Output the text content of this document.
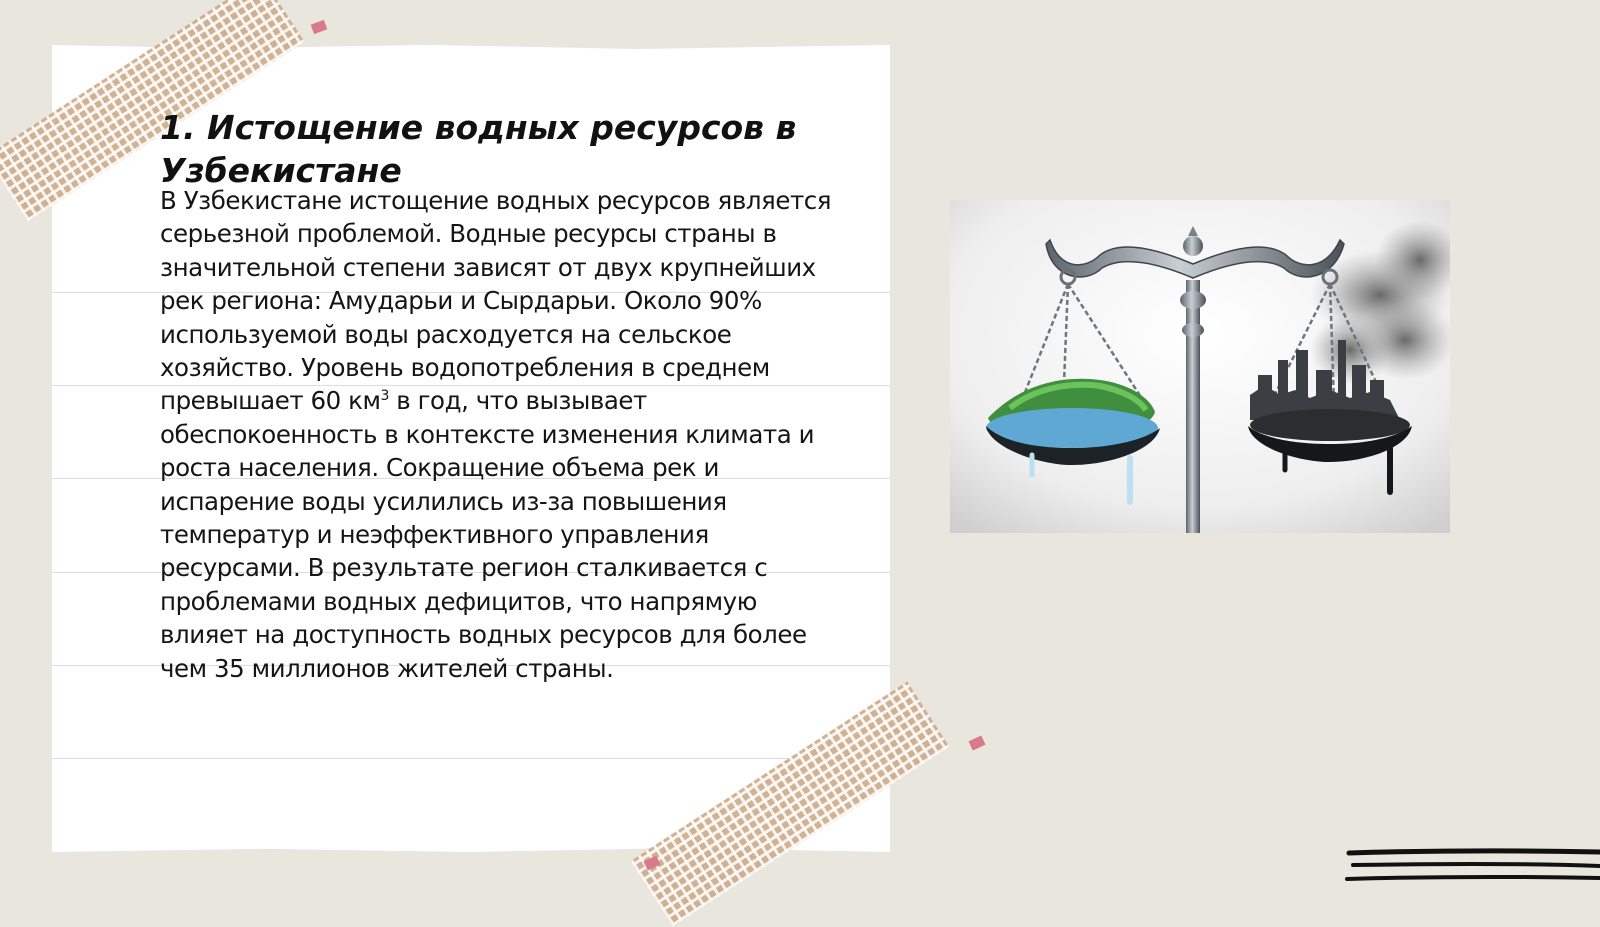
1. Истощение водных ресурсов в Узбекистане

В Узбекистане истощение водных ресурсов является серьезной проблемой. Водные ресурсы страны в значительной степени зависят от двух крупнейших рек региона: Амударьи и Сырдарьи. Около 90% используемой воды расходуется на сельское хозяйство. Уровень водопотребления в среднем превышает 60 $км^3$ в год, что вызывает обеспокоенность в контексте изменения климата и роста населения. Сокращение объема рек и испарение воды усилились из-за повышения температур и неэффективного управления ресурсами. В результате регион сталкивается с проблемами водных дефицитов, что напрямую влияет на доступность водных ресурсов для более чем 35 миллионов жителей страны.
